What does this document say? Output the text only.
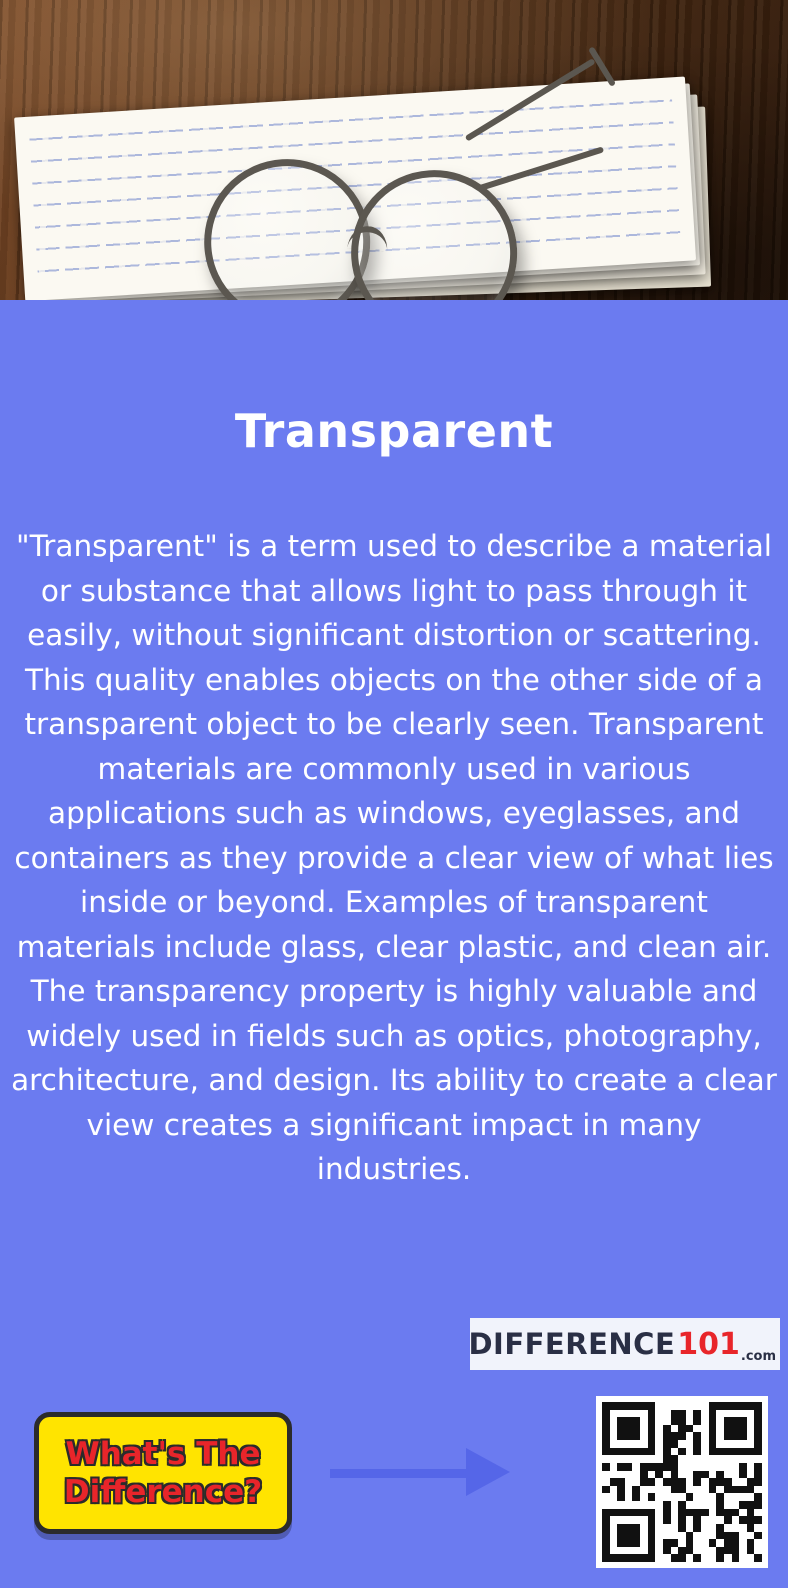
Transparent
"Transparent" is a term used to describe a material or substance that allows light to pass through it easily, without significant distortion or scattering. This quality enables objects on the other side of a transparent object to be clearly seen. Transparent materials are commonly used in various applications such as windows, eyeglasses, and containers as they provide a clear view of what lies inside or beyond. Examples of transparent materials include glass, clear plastic, and clean air. The transparency property is highly valuable and widely used in fields such as optics, photography, architecture, and design. Its ability to create a clear view creates a significant impact in many industries.
DIFFERENCE 101 .com
What's The
Difference?
